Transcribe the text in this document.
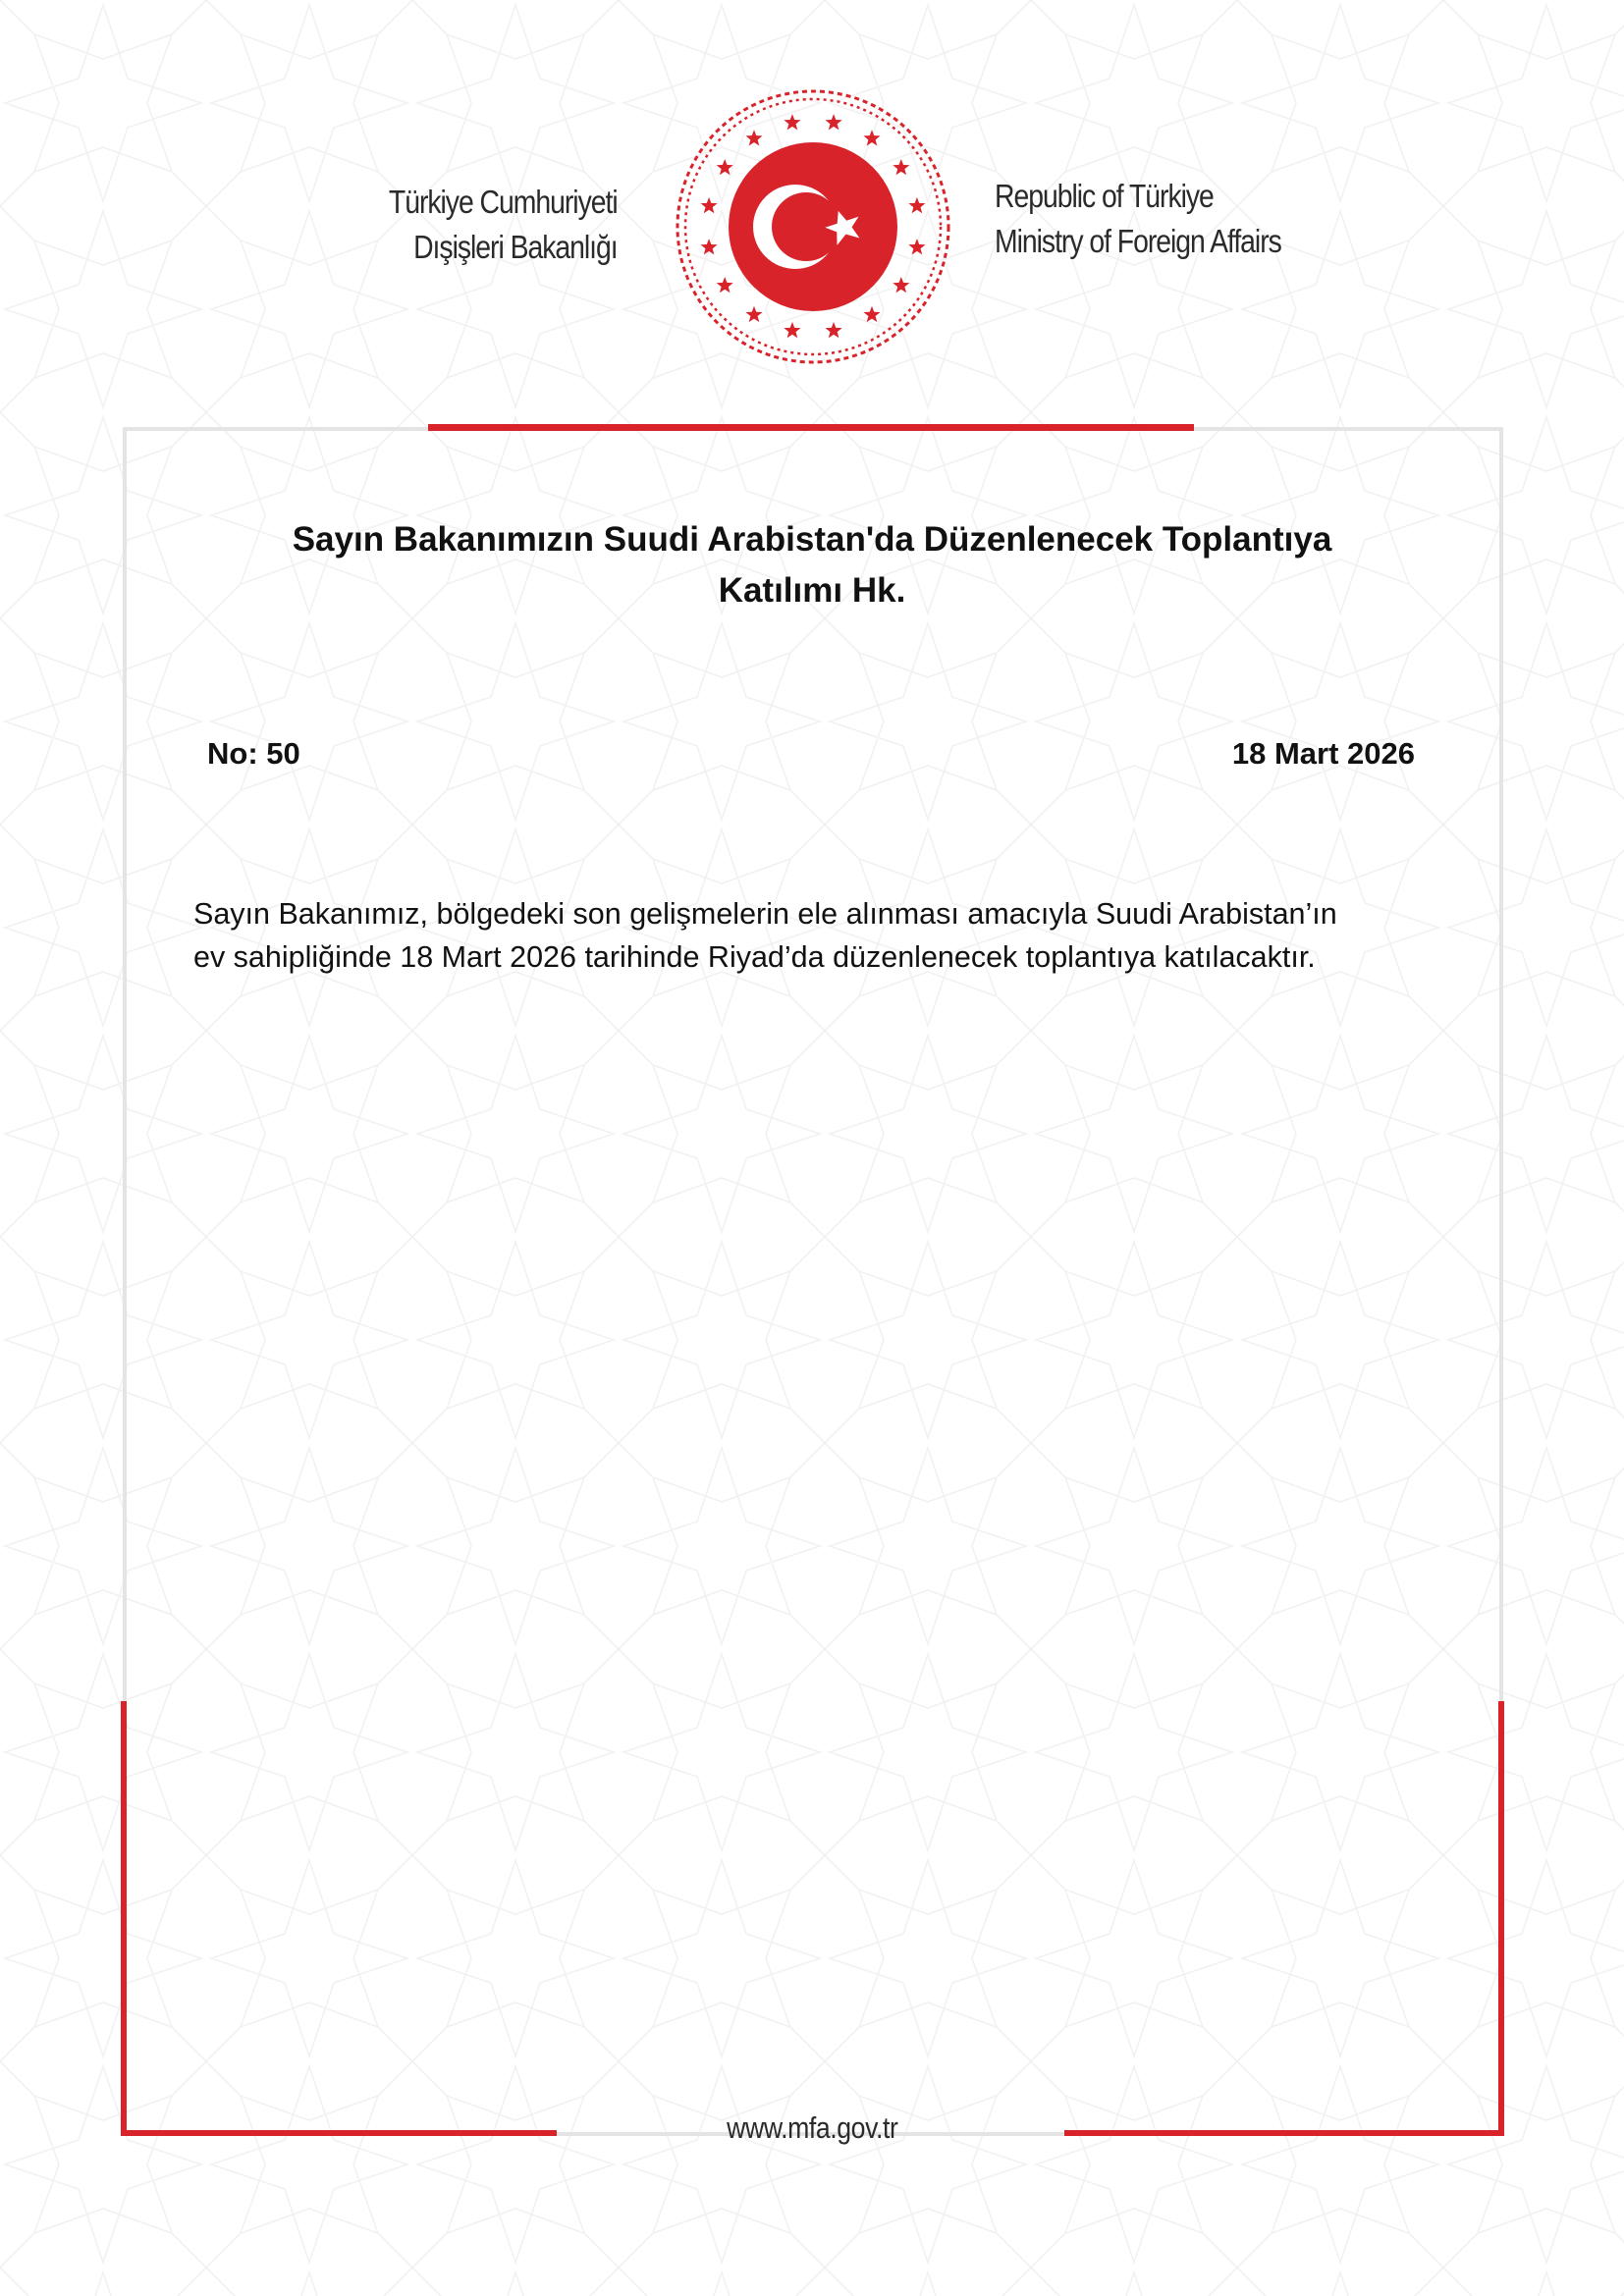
Türkiye Cumhuriyeti
Dışişleri Bakanlığı
Republic of Türkiye
Ministry of Foreign Affairs
Sayın Bakanımızın Suudi Arabistan'da Düzenlenecek Toplantıya
Katılımı Hk.
No: 50	18 Mart 2026
Sayın Bakanımız, bölgedeki son gelişmelerin ele alınması amacıyla Suudi Arabistan’ın
ev sahipliğinde 18 Mart 2026 tarihinde Riyad’da düzenlenecek toplantıya katılacaktır.
www.mfa.gov.tr
